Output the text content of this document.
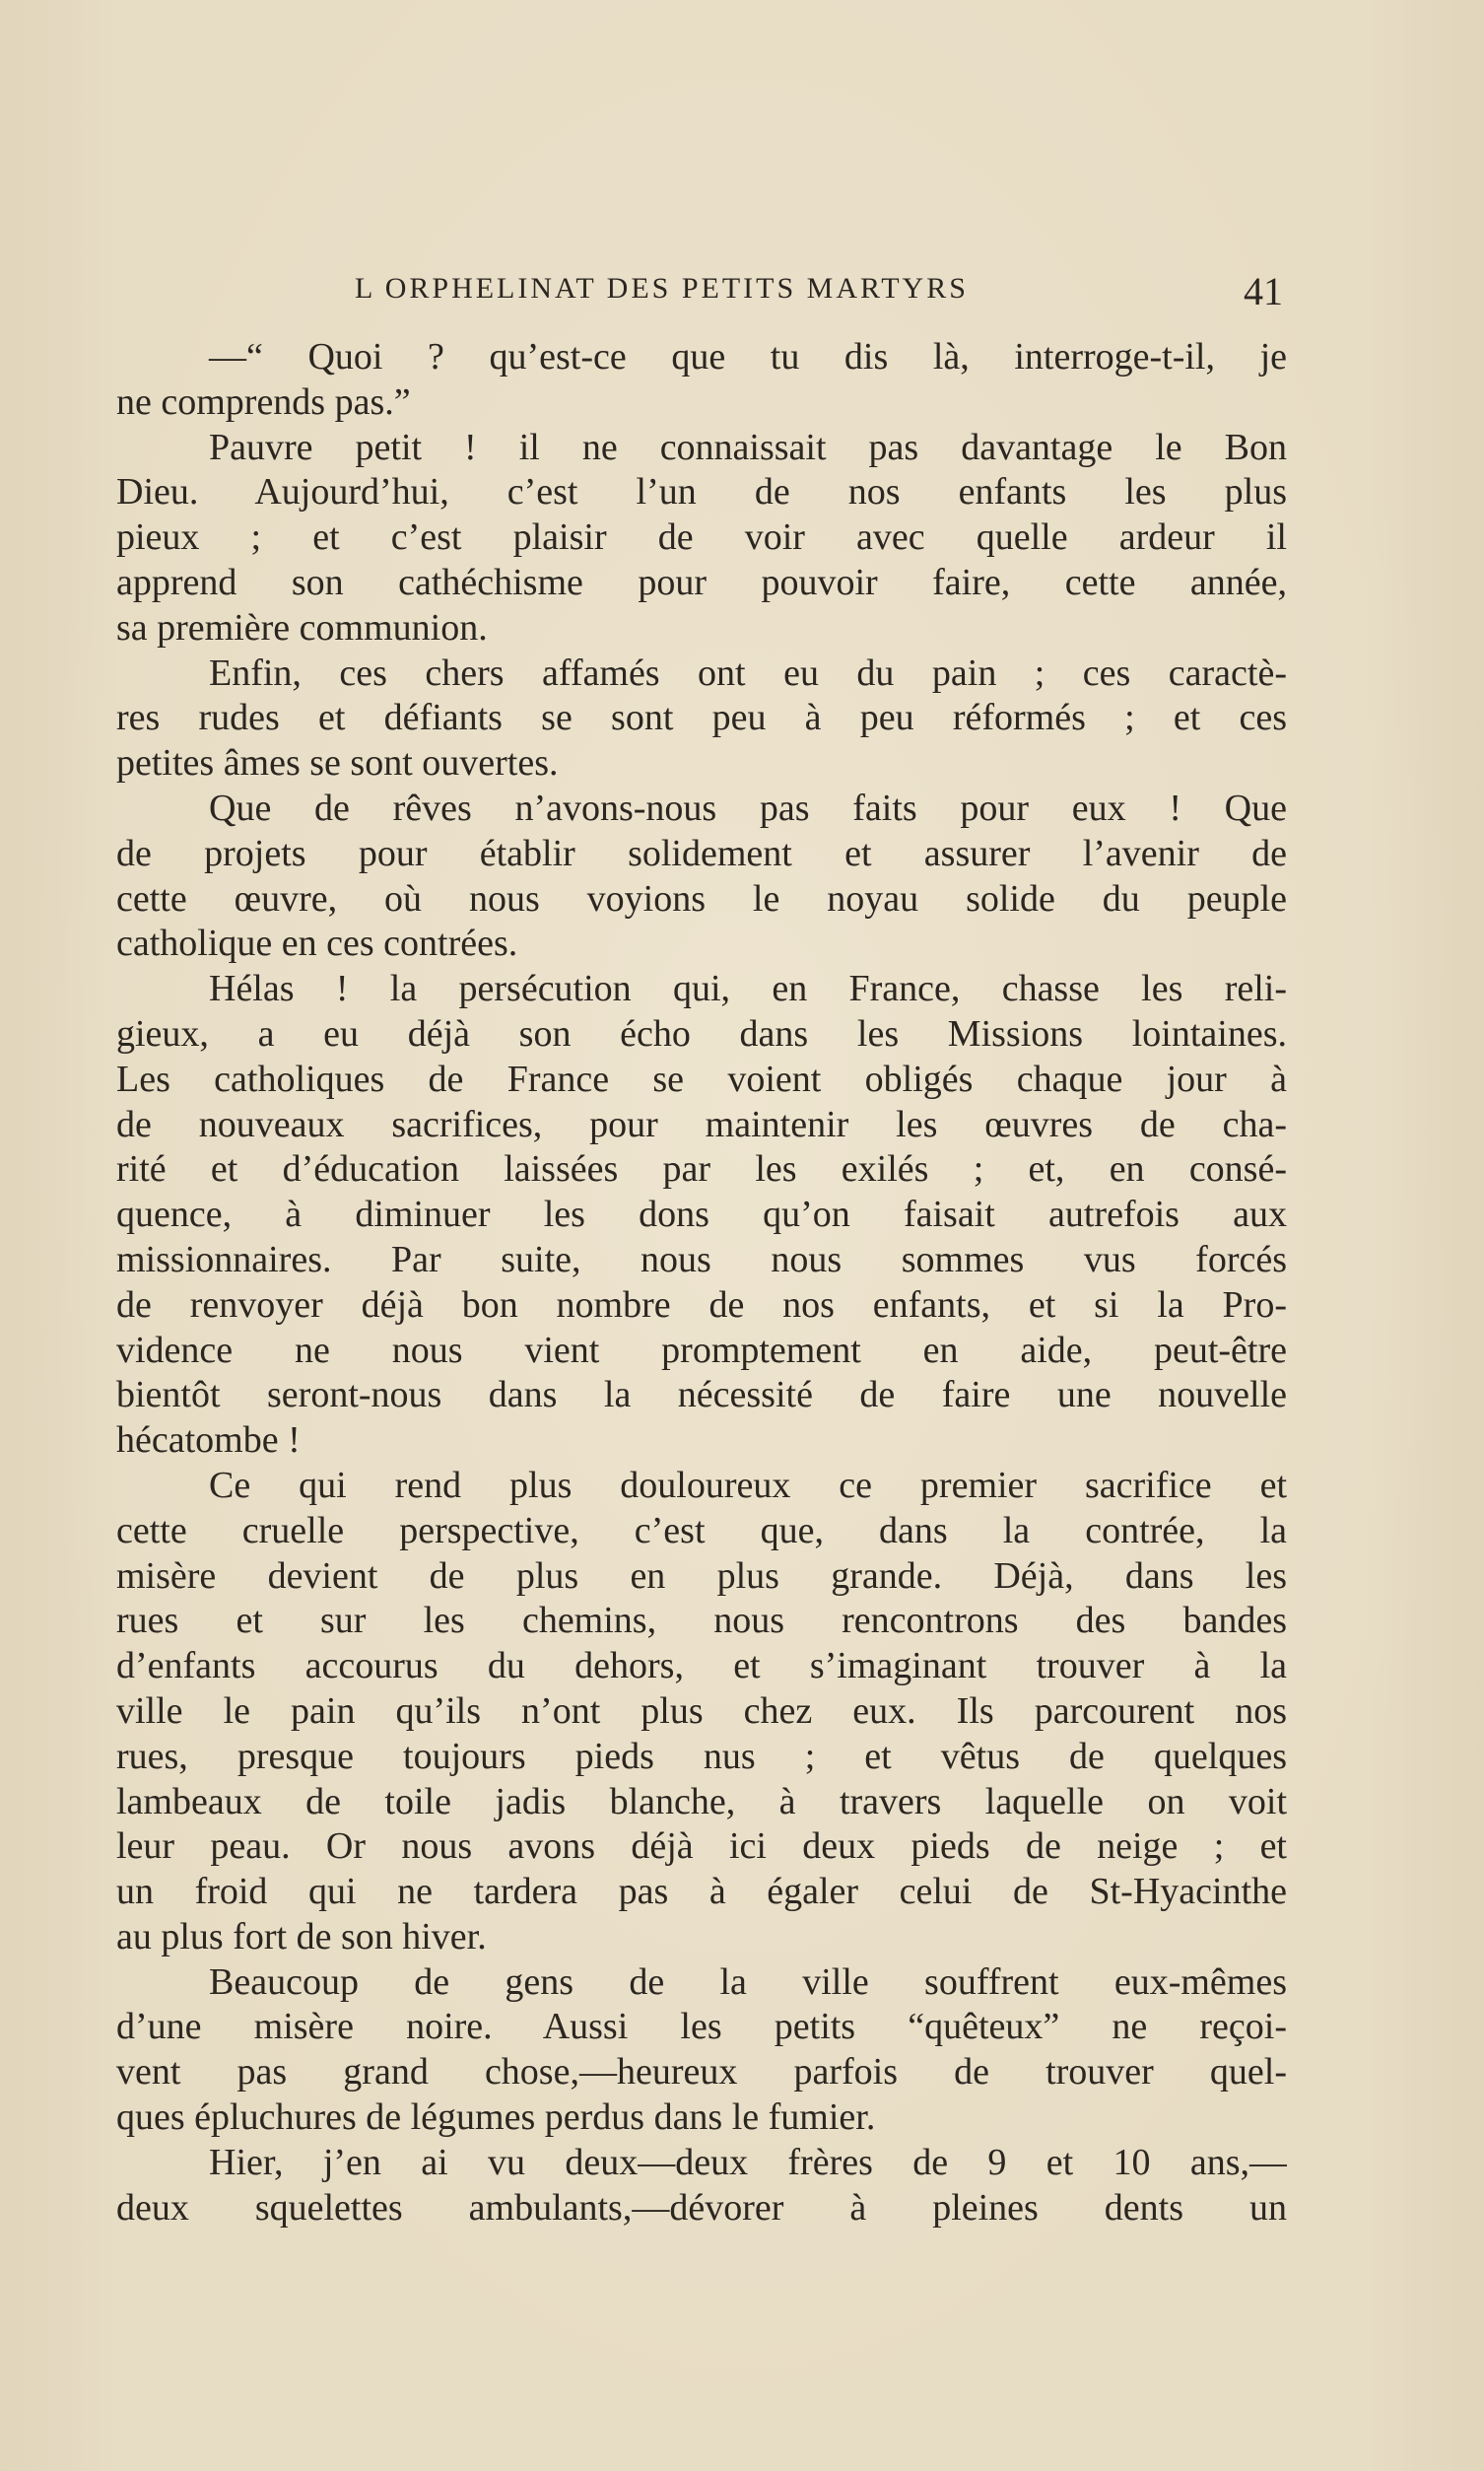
L ORPHELINAT DES PETITS MARTYRS	41
—“ Quoi ? qu’est-ce que tu dis là, interroge-t-il, je
ne comprends pas.”
Pauvre petit ! il ne connaissait pas davantage le Bon
Dieu. Aujourd’hui, c’est l’un de nos enfants les plus
pieux ; et c’est plaisir de voir avec quelle ardeur il
apprend son cathéchisme pour pouvoir faire, cette année,
sa première communion.
Enfin, ces chers affamés ont eu du pain ; ces caractè-
res rudes et défiants se sont peu à peu réformés ; et ces
petites âmes se sont ouvertes.
Que de rêves n’avons-nous pas faits pour eux ! Que
de projets pour établir solidement et assurer l’avenir de
cette œuvre, où nous voyions le noyau solide du peuple
catholique en ces contrées.
Hélas ! la persécution qui, en France, chasse les reli-
gieux, a eu déjà son écho dans les Missions lointaines.
Les catholiques de France se voient obligés chaque jour à
de nouveaux sacrifices, pour maintenir les œuvres de cha-
rité et d’éducation laissées par les exilés ; et, en consé-
quence, à diminuer les dons qu’on faisait autrefois aux
missionnaires. Par suite, nous nous sommes vus forcés
de renvoyer déjà bon nombre de nos enfants, et si la Pro-
vidence ne nous vient promptement en aide, peut-être
bientôt seront-nous dans la nécessité de faire une nouvelle
hécatombe !
Ce qui rend plus douloureux ce premier sacrifice et
cette cruelle perspective, c’est que, dans la contrée, la
misère devient de plus en plus grande. Déjà, dans les
rues et sur les chemins, nous rencontrons des bandes
d’enfants accourus du dehors, et s’imaginant trouver à la
ville le pain qu’ils n’ont plus chez eux. Ils parcourent nos
rues, presque toujours pieds nus ; et vêtus de quelques
lambeaux de toile jadis blanche, à travers laquelle on voit
leur peau. Or nous avons déjà ici deux pieds de neige ; et
un froid qui ne tardera pas à égaler celui de St-Hyacinthe
au plus fort de son hiver.
Beaucoup de gens de la ville souffrent eux-mêmes
d’une misère noire. Aussi les petits “quêteux” ne reçoi-
vent pas grand chose,—heureux parfois de trouver quel-
ques épluchures de légumes perdus dans le fumier.
Hier, j’en ai vu deux—deux frères de 9 et 10 ans,—
deux squelettes ambulants,—dévorer à pleines dents un
